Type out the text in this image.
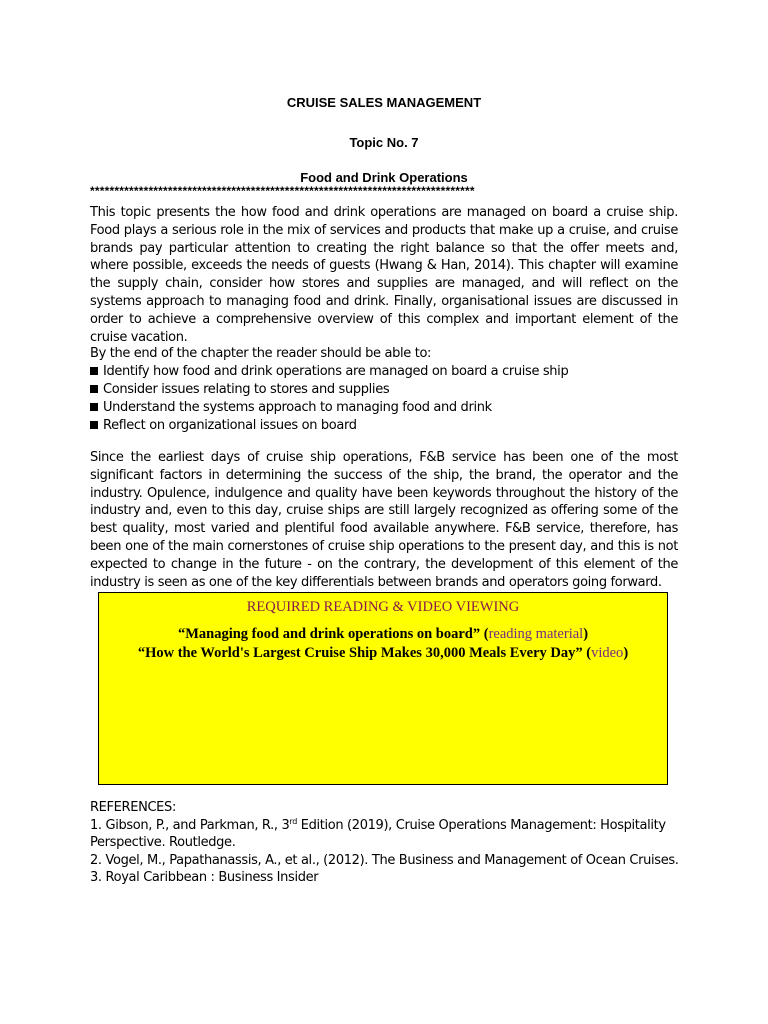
CRUISE SALES MANAGEMENT
Topic No. 7
Food and Drink Operations
*******************************************************************************
This topic presents the how food and drink operations are managed on board a cruise ship. Food plays a serious role in the mix of services and products that make up a cruise, and cruise brands pay particular attention to creating the right balance so that the offer meets and, where possible, exceeds the needs of guests (Hwang & Han, 2014). This chapter will examine the supply chain, consider how stores and supplies are managed, and will reflect on the systems approach to managing food and drink. Finally, organisational issues are discussed in order to achieve a comprehensive overview of this complex and important element of the cruise vacation.
By the end of the chapter the reader should be able to:
Identify how food and drink operations are managed on board a cruise ship
Consider issues relating to stores and supplies
Understand the systems approach to managing food and drink
Reflect on organizational issues on board
Since the earliest days of cruise ship operations, F&B service has been one of the most significant factors in determining the success of the ship, the brand, the operator and the industry. Opulence, indulgence and quality have been keywords throughout the history of the industry and, even to this day, cruise ships are still largely recognized as offering some of the best quality, most varied and plentiful food available anywhere. F&B service, therefore, has been one of the main cornerstones of cruise ship operations to the present day, and this is not expected to change in the future - on the contrary, the development of this element of the industry is seen as one of the key differentials between brands and operators going forward.
REQUIRED READING & VIDEO VIEWING
“Managing food and drink operations on board” (reading material)
“How the World's Largest Cruise Ship Makes 30,000 Meals Every Day” (video)
REFERENCES:
1. Gibson, P., and Parkman, R., 3rd Edition (2019), Cruise Operations Management: Hospitality
Perspective. Routledge.
2. Vogel, M., Papathanassis, A., et al., (2012). The Business and Management of Ocean Cruises.
3. Royal Caribbean : Business Insider
